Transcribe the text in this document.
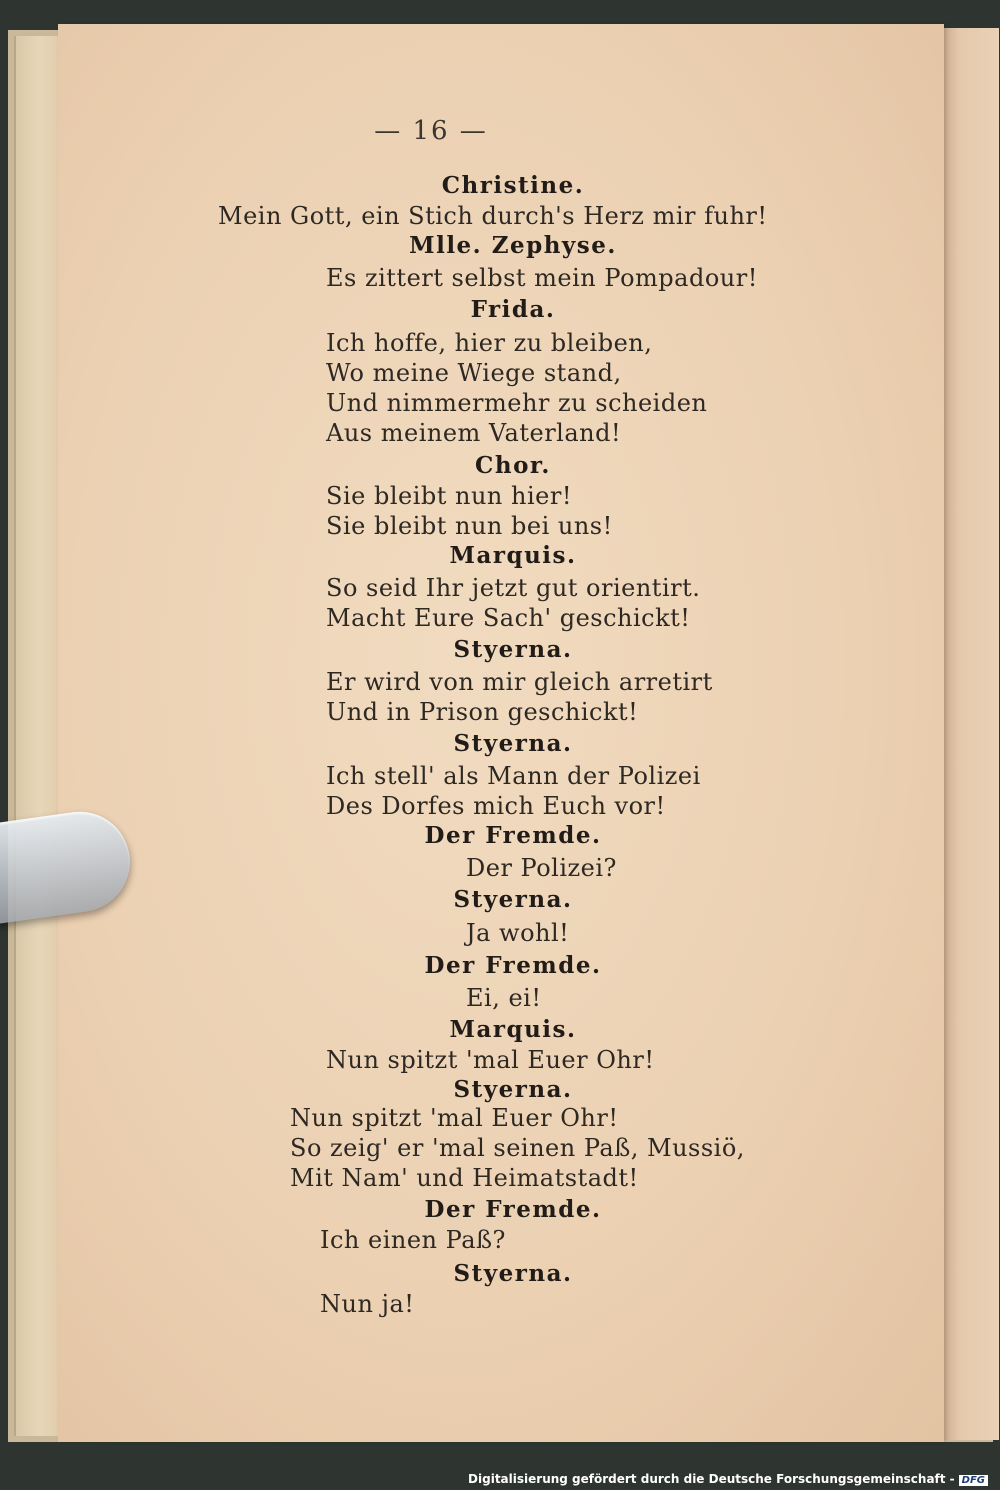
— 16 —
Christine.
Mein Gott, ein Stich durch's Herz mir fuhr!
Mlle. Zephyse.
Es zittert selbst mein Pompadour!
Frida.
Ich hoffe, hier zu bleiben,
Wo meine Wiege stand,
Und nimmermehr zu scheiden
Aus meinem Vaterland!
Chor.
Sie bleibt nun hier!
Sie bleibt nun bei uns!
Marquis.
So seid Ihr jetzt gut orientirt.
Macht Eure Sach' geschickt!
Styerna.
Er wird von mir gleich arretirt
Und in Prison geschickt!
Styerna.
Ich stell' als Mann der Polizei
Des Dorfes mich Euch vor!
Der Fremde.
Der Polizei?
Styerna.
Ja wohl!
Der Fremde.
Ei, ei!
Marquis.
Nun spitzt 'mal Euer Ohr!
Styerna.
Nun spitzt 'mal Euer Ohr!
So zeig' er 'mal seinen Paß, Mussiö,
Mit Nam' und Heimatstadt!
Der Fremde.
Ich einen Paß?
Styerna.
Nun ja!
Digitalisierung gefördert durch die Deutsche Forschungsgemeinschaft - DFG
